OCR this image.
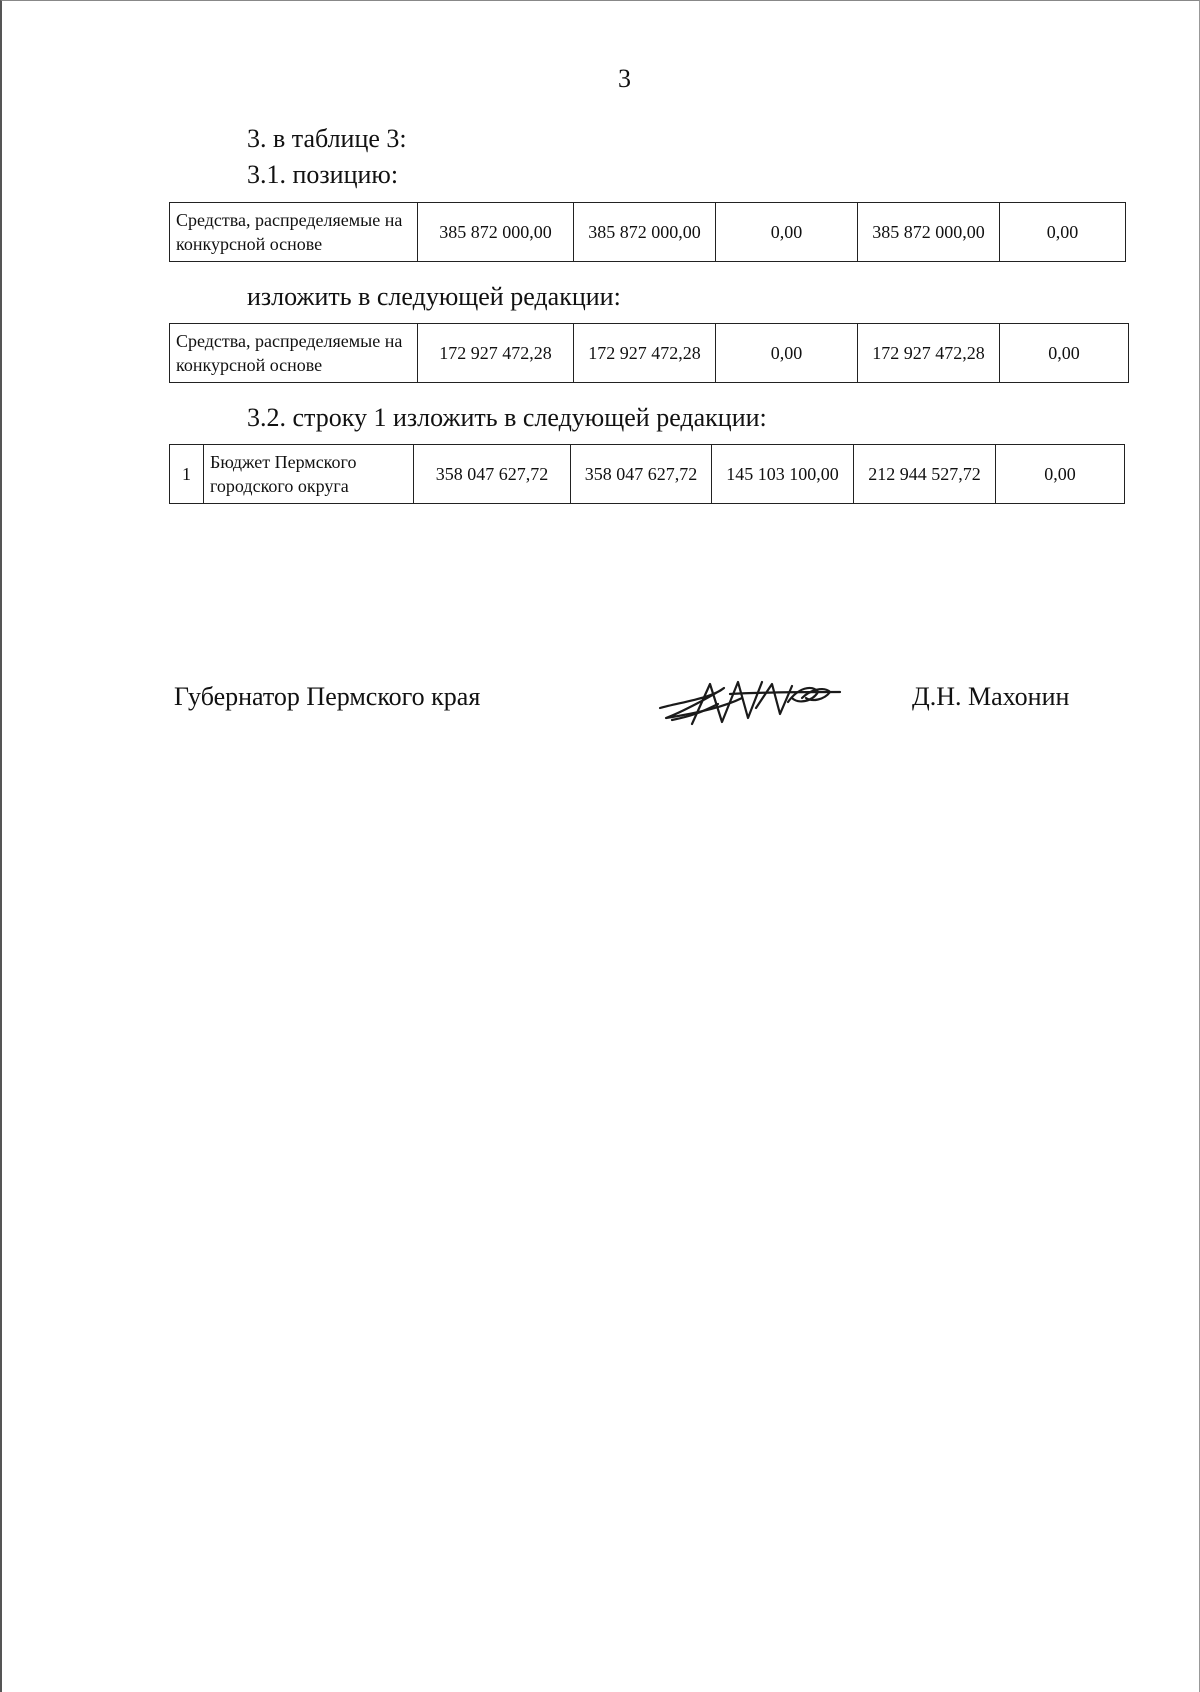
3
3. в таблице 3:
3.1. позицию:
Средства, распределяемые на конкурсной основе	385 872 000,00	385 872 000,00	0,00	385 872 000,00	0,00
изложить в следующей редакции:
Средства, распределяемые на конкурсной основе	172 927 472,28	172 927 472,28	0,00	172 927 472,28	0,00
3.2. строку 1 изложить в следующей редакции:
1	Бюджет Пермского городского округа	358 047 627,72	358 047 627,72	145 103 100,00	212 944 527,72	0,00
Губернатор Пермского края	Д.Н. Махонин
